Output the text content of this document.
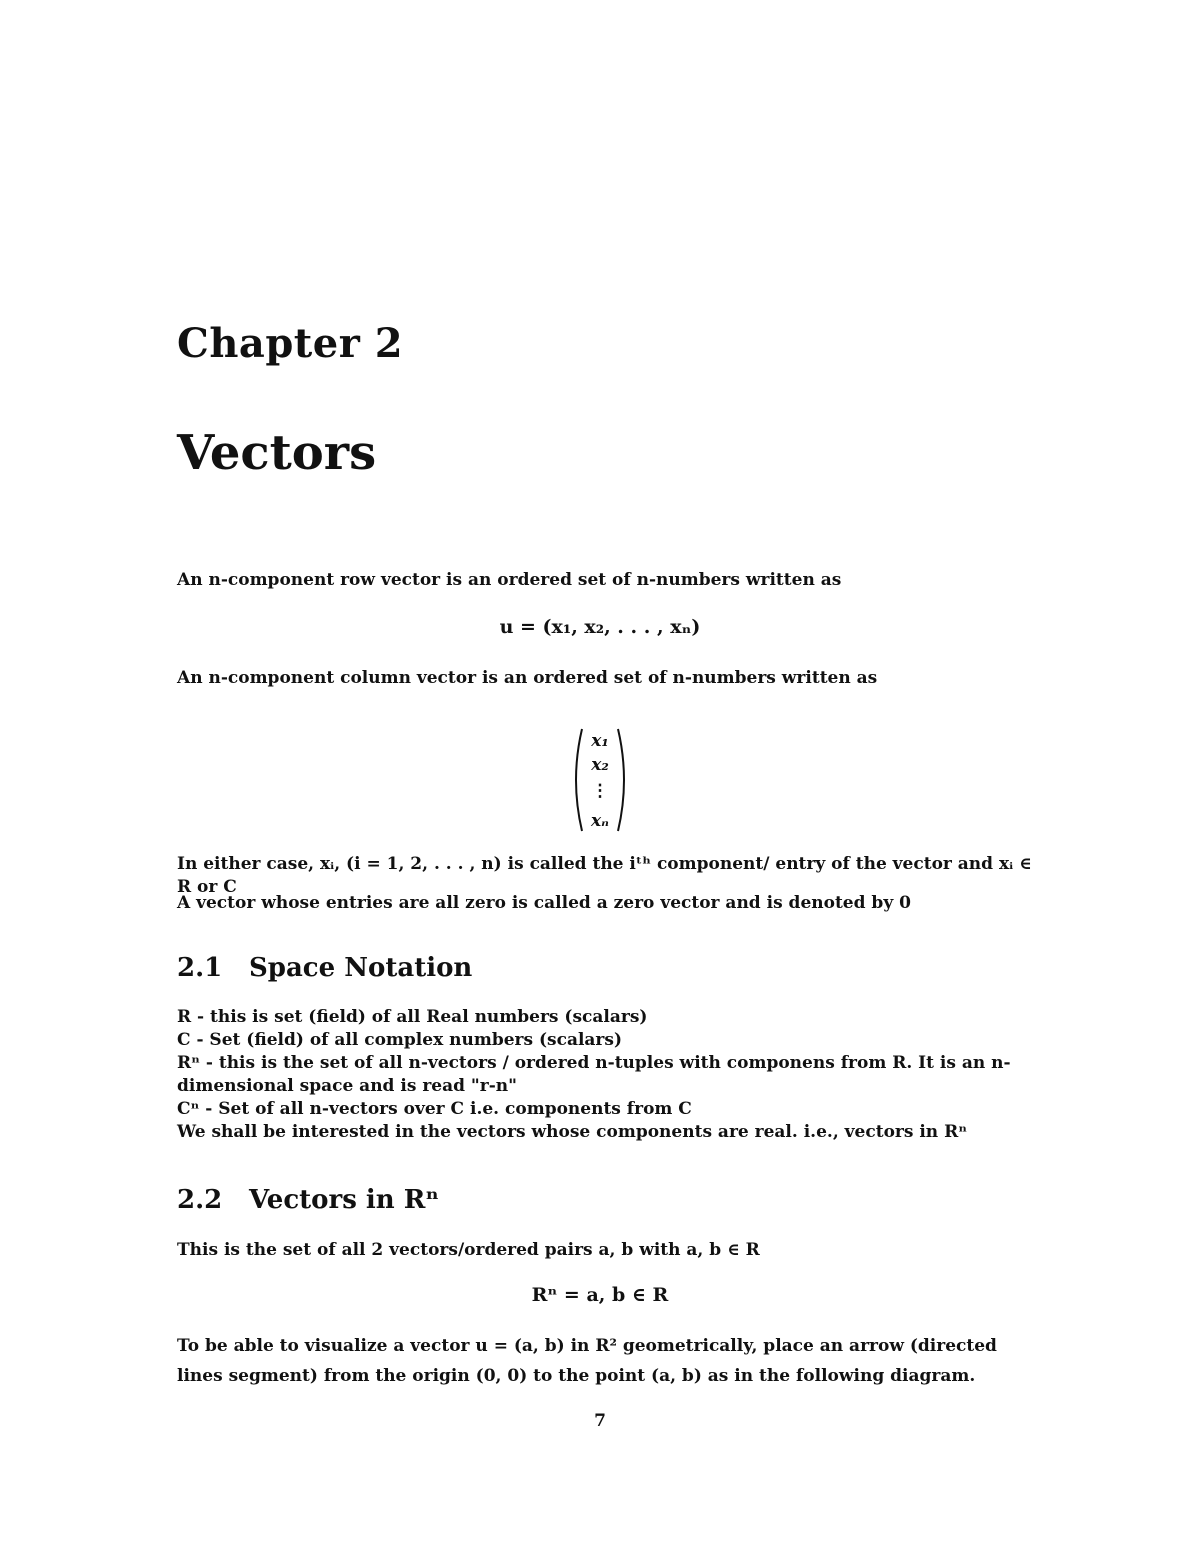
Chapter 2
Vectors
An n-component row vector is an ordered set of n-numbers written as
u = (x₁, x₂, . . . , xₙ)
An n-component column vector is an ordered set of n-numbers written as
x₁
x₂
⋮
xₙ
In either case, xᵢ, (i = 1, 2, . . . , n) is called the iᵗʰ component/ entry of the vector and xᵢ ∈ R or C
A vector whose entries are all zero is called a zero vector and is denoted by 0
2.1 Space Notation
R - this is set (field) of all Real numbers (scalars)
C - Set (field) of all complex numbers (scalars)
Rⁿ - this is the set of all n-vectors / ordered n-tuples with componens from R. It is an n-dimensional space and is read "r-n"
Cⁿ - Set of all n-vectors over C i.e. components from C
We shall be interested in the vectors whose components are real. i.e., vectors in Rⁿ
2.2 Vectors in Rⁿ
This is the set of all 2 vectors/ordered pairs a, b with a, b ∈ R
Rⁿ = a, b ∈ R
To be able to visualize a vector u = (a, b) in R² geometrically, place an arrow (directed lines segment) from the origin (0, 0) to the point (a, b) as in the following diagram.
7
